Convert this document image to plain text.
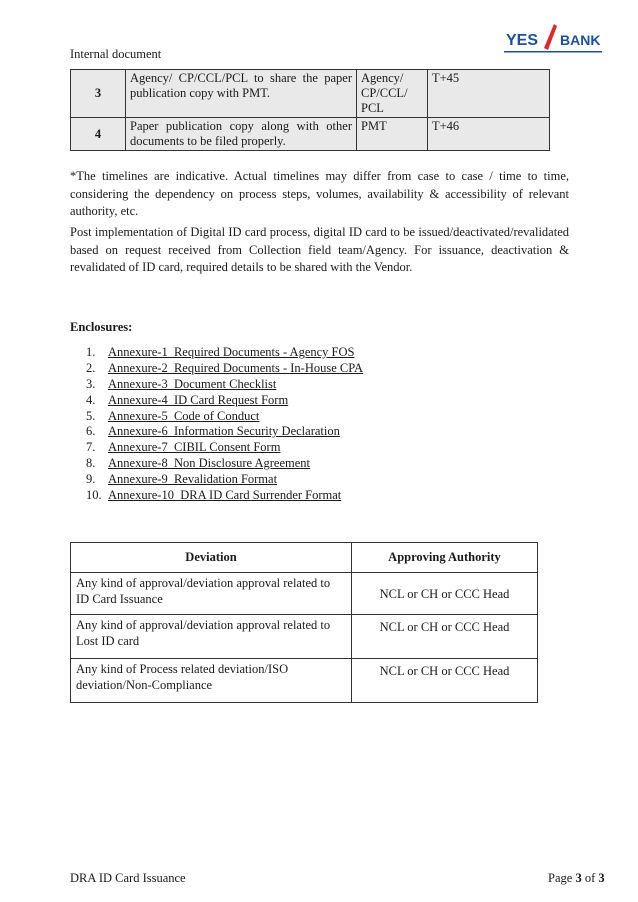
Internal document
YES BANK
3	Agency/ CP/CCL/PCL to share the paper publication copy with PMT.	Agency/ CP/CCL/ PCL	T+45
4	Paper publication copy along with other documents to be filed properly.	PMT	T+46
*The timelines are indicative. Actual timelines may differ from case to case / time to time, considering the dependency on process steps, volumes, availability & accessibility of relevant authority, etc.
Post implementation of Digital ID card process, digital ID card to be issued/deactivated/revalidated based on request received from Collection field team/Agency. For issuance, deactivation & revalidated of ID card, required details to be shared with the Vendor.
Enclosures:
1.	Annexure-1_Required Documents - Agency FOS
2.	Annexure-2_Required Documents - In-House CPA
3.	Annexure-3_Document Checklist
4.	Annexure-4_ID Card Request Form
5.	Annexure-5_Code of Conduct
6.	Annexure-6_Information Security Declaration
7.	Annexure-7_CIBIL Consent Form
8.	Annexure-8_Non Disclosure Agreement
9.	Annexure-9_Revalidation Format
10. Annexure-10_DRA ID Card Surrender Format
Deviation	Approving Authority
Any kind of approval/deviation approval related to ID Card Issuance	NCL or CH or CCC Head
Any kind of approval/deviation approval related to Lost ID card	NCL or CH or CCC Head
Any kind of Process related deviation/ISO deviation/Non-Compliance	NCL or CH or CCC Head
DRA ID Card Issuance	Page 3 of 3
